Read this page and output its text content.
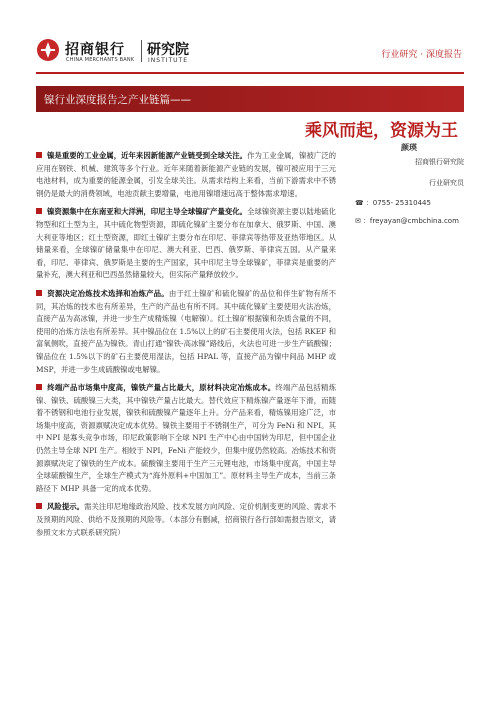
招商银行
CHINA MERCHANTS BANK
研究院
INSTITUTE
行业研究 · 深度报告
镍行业深度报告之产业链篇——
乘风而起，资源为王

镍是重要的工业金属，近年来因新能源产业链受到全球关注。作为工业金属，镍被广泛的应用在钢铁、机械、建筑等多个行业。近年来随着新能源产业链的发展，镍可被应用于三元电池材料，成为重要的能源金属，引发全球关注。从需求结构上来看，当前下游需求中不锈钢仍是最大的消费领域，电池贡献主要增量，电池用镍增速远高于整体需求增速。

镍资源集中在东南亚和大洋洲，印尼主导全球镍矿产量变化。全球镍资源主要以陆地硫化物型和红土型为主，其中硫化物型资源，即硫化镍矿主要分布在加拿大、俄罗斯、中国、澳大利亚等地区；红土型资源，即红土镍矿主要分布在印尼、菲律宾等热带及亚热带地区。从储量来看，全球镍矿储量集中在印尼、澳大利亚、巴西、俄罗斯、菲律宾五国。从产量来看，印尼、菲律宾、俄罗斯是主要的生产国家，其中印尼主导全球镍矿，菲律宾是重要的产量补充，澳大利亚和巴西虽然储量较大，但实际产量释放较少。

资源决定冶炼技术选择和冶炼产品。由于红土镍矿和硫化镍矿的品位和伴生矿物有所不同，其冶炼的技术也有所差异，生产的产品也有所不同。其中硫化镍矿主要使用火法冶炼，直接产品为高冰镍，并进一步生产成精炼镍（电解镍）。红土镍矿根据镍和杂质含量的不同，使用的冶炼方法也有所差异。其中镍品位在 1.5%以上的矿石主要使用火法，包括 RKEF 和富氧侧吹，直接产品为镍铁。青山打通“镍铁-高冰镍”路线后，火法也可进一步生产硫酸镍；镍品位在 1.5%以下的矿石主要使用湿法，包括 HPAL 等，直接产品为镍中间品 MHP 或 MSP，并进一步生成硫酸镍或电解镍。

终端产品市场集中度高，镍铁产量占比最大，原材料决定冶炼成本。终端产品包括精炼镍、镍铁、硫酸镍三大类，其中镍铁产量占比最大。替代效应下精炼镍产量逐年下滑，而随着不锈钢和电池行业发展，镍铁和硫酸镍产量逐年上升。分产品来看，精炼镍用途广泛，市场集中度高，资源禀赋决定成本优势。镍铁主要用于不锈钢生产，可分为 FeNi 和 NPI。其中 NPI 是寡头竞争市场，印尼政策影响下全球 NPI 生产中心由中国转为印尼，但中国企业仍然主导全球 NPI 生产。相较于 NPI，FeNi 产能较少，但集中度仍然较高。冶炼技术和资源禀赋决定了镍铁的生产成本。硫酸镍主要用于生产三元锂电池，市场集中度高，中国主导全球硫酸镍生产，全球生产模式为“海外原料+中国加工”。原材料主导生产成本，当前三条路径下 MHP 具备一定的成本优势。

风险提示。需关注印尼地缘政治风险、技术发展方向风险、定价机制变更的风险、需求不及预期的风险、供给不及预期的风险等。（本部分有删减，招商银行各行部如需报告原文，请参照文末方式联系研究院）

颜瑛
招商银行研究院
行业研究员
☎ ：0755- 25310445
✉ ：freyayan@cmbchina.com
